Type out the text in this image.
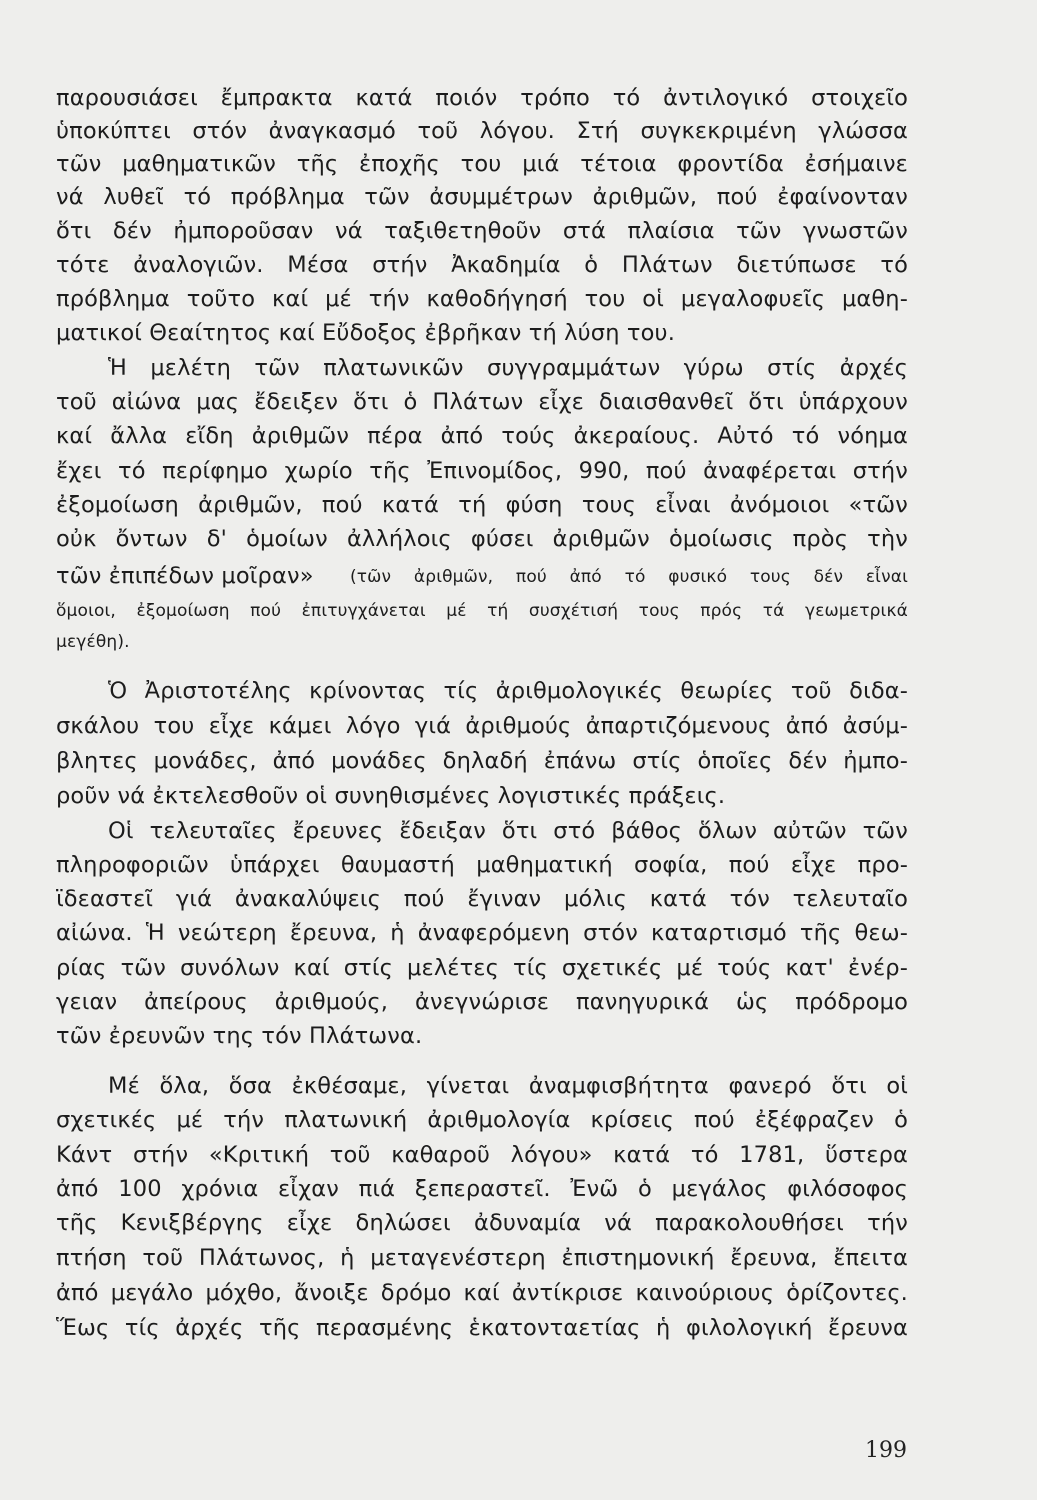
παρουσιάσει ἔμπρακτα κατά ποιόν τρόπο τό ἀντιλογικό στοιχεῖο
ὑποκύπτει στόν ἀναγκασμό τοῦ λόγου. Στή συγκεκριμένη γλώσσα
τῶν μαθηματικῶν τῆς ἐποχῆς του μιά τέτοια φροντίδα ἐσήμαινε
νά λυθεῖ τό πρόβλημα τῶν ἀσυμμέτρων ἀριθμῶν, πού ἐφαίνονταν
ὅτι δέν ἠμποροῦσαν νά ταξιθετηθοῦν στά πλαίσια τῶν γνωστῶν
τότε ἀναλογιῶν. Μέσα στήν Ἀκαδημία ὁ Πλάτων διετύπωσε τό
πρόβλημα τοῦτο καί μέ τήν καθοδήγησή του οἱ μεγαλοφυεῖς μαθη-
ματικοί Θεαίτητος καί Εὔδοξος ἐβρῆκαν τή λύση του.
Ἡ μελέτη τῶν πλατωνικῶν συγγραμμάτων γύρω στίς ἀρχές
τοῦ αἰώνα μας ἔδειξεν ὅτι ὁ Πλάτων εἶχε διαισθανθεῖ ὅτι ὑπάρχουν
καί ἄλλα εἴδη ἀριθμῶν πέρα ἀπό τούς ἀκεραίους. Αὐτό τό νόημα
ἔχει τό περίφημο χωρίο τῆς Ἐπινομίδος, 990, πού ἀναφέρεται στήν
ἐξομοίωση ἀριθμῶν, πού κατά τή φύση τους εἶναι ἀνόμοιοι «τῶν
οὐκ ὄντων δ' ὁμοίων ἀλλήλοις φύσει ἀριθμῶν ὁμοίωσις πρὸς τὴν
τῶν ἐπιπέδων μοῖραν»	(τῶν ἀριθμῶν, πού ἀπό τό φυσικό τους δέν εἶναι
ὅμοιοι, ἐξομοίωση πού ἐπιτυγχάνεται μέ τή συσχέτισή τους πρός τά γεωμετρικά
μεγέθη).
Ὁ Ἀριστοτέλης κρίνοντας τίς ἀριθμολογικές θεωρίες τοῦ διδα-
σκάλου του εἶχε κάμει λόγο γιά ἀριθμούς ἀπαρτιζόμενους ἀπό ἀσύμ-
βλητες μονάδες, ἀπό μονάδες δηλαδή ἐπάνω στίς ὁποῖες δέν ἠμπο-
ροῦν νά ἐκτελεσθοῦν οἱ συνηθισμένες λογιστικές πράξεις.
Οἱ τελευταῖες ἔρευνες ἔδειξαν ὅτι στό βάθος ὅλων αὐτῶν τῶν
πληροφοριῶν ὑπάρχει θαυμαστή μαθηματική σοφία, πού εἶχε προ-
ϊδεαστεῖ γιά ἀνακαλύψεις πού ἔγιναν μόλις κατά τόν τελευταῖο
αἰώνα. Ἡ νεώτερη ἔρευνα, ἡ ἀναφερόμενη στόν καταρτισμό τῆς θεω-
ρίας τῶν συνόλων καί στίς μελέτες τίς σχετικές μέ τούς κατ' ἐνέρ-
γειαν ἀπείρους ἀριθμούς, ἀνεγνώρισε πανηγυρικά ὡς πρόδρομο
τῶν ἐρευνῶν της τόν Πλάτωνα.
Μέ ὅλα, ὅσα ἐκθέσαμε, γίνεται ἀναμφισβήτητα φανερό ὅτι οἱ
σχετικές μέ τήν πλατωνική ἀριθμολογία κρίσεις πού ἐξέφραζεν ὁ
Κάντ στήν «Κριτική τοῦ καθαροῦ λόγου» κατά τό 1781, ὕστερα
ἀπό 100 χρόνια εἶχαν πιά ξεπεραστεῖ. Ἐνῶ ὁ μεγάλος φιλόσοφος
τῆς Κενιξβέργης εἶχε δηλώσει ἀδυναμία νά παρακολουθήσει τήν
πτήση τοῦ Πλάτωνος, ἡ μεταγενέστερη ἐπιστημονική ἔρευνα, ἔπειτα
ἀπό μεγάλο μόχθο, ἄνοιξε δρόμο καί ἀντίκρισε καινούριους ὁρίζοντες.
Ἕως τίς ἀρχές τῆς περασμένης ἑκατονταετίας ἡ φιλολογική ἔρευνα
199
